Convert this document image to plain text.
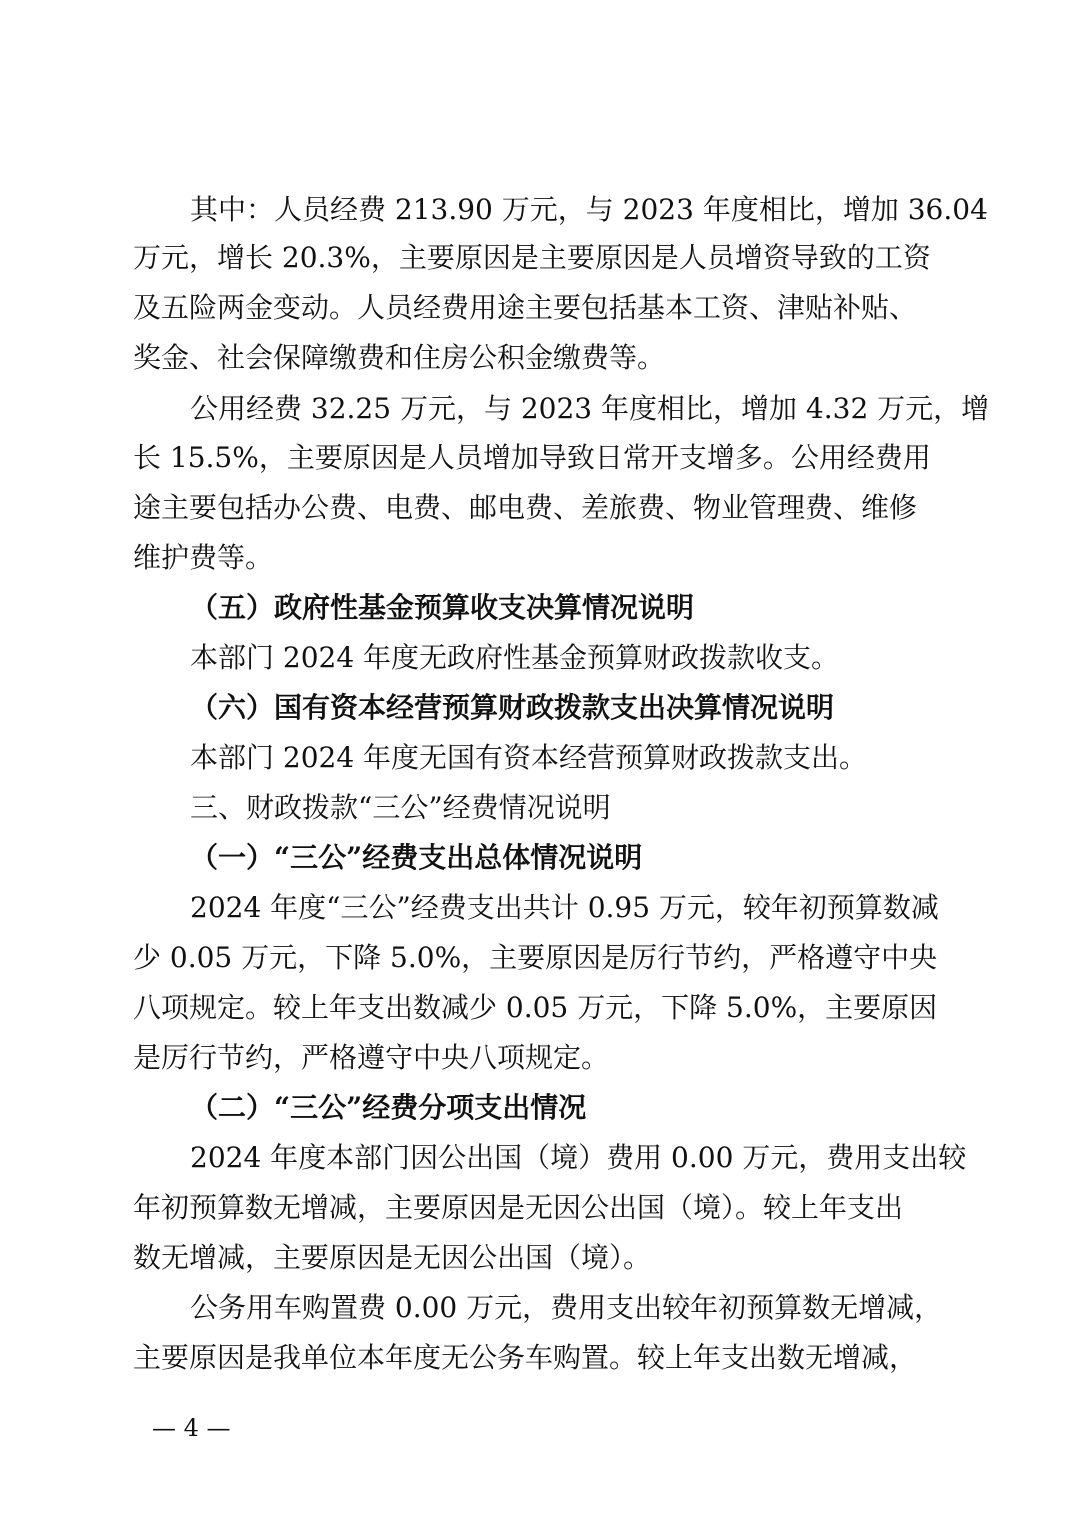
其中：人员经费 213.90 万元，与 2023 年度相比，增加 36.04
万元，增长 20.3%，主要原因是主要原因是人员增资导致的工资
及五险两金变动。人员经费用途主要包括基本工资、津贴补贴、
奖金、社会保障缴费和住房公积金缴费等。
公用经费 32.25 万元，与 2023 年度相比，增加 4.32 万元，增
长 15.5%，主要原因是人员增加导致日常开支增多。公用经费用
途主要包括办公费、电费、邮电费、差旅费、物业管理费、维修
维护费等。
（五）政府性基金预算收支决算情况说明
本部门 2024 年度无政府性基金预算财政拨款收支。
（六）国有资本经营预算财政拨款支出决算情况说明
本部门 2024 年度无国有资本经营预算财政拨款支出。
三、财政拨款“三公”经费情况说明
（一）“三公”经费支出总体情况说明
2024 年度“三公”经费支出共计 0.95 万元，较年初预算数减
少 0.05 万元，下降 5.0%，主要原因是厉行节约，严格遵守中央
八项规定。较上年支出数减少 0.05 万元，下降 5.0%，主要原因
是厉行节约，严格遵守中央八项规定。
（二）“三公”经费分项支出情况
2024 年度本部门因公出国（境）费用 0.00 万元，费用支出较
年初预算数无增减，主要原因是无因公出国（境）。较上年支出
数无增减，主要原因是无因公出国（境）。
公务用车购置费 0.00 万元，费用支出较年初预算数无增减，
主要原因是我单位本年度无公务车购置。较上年支出数无增减，
— 4 —
